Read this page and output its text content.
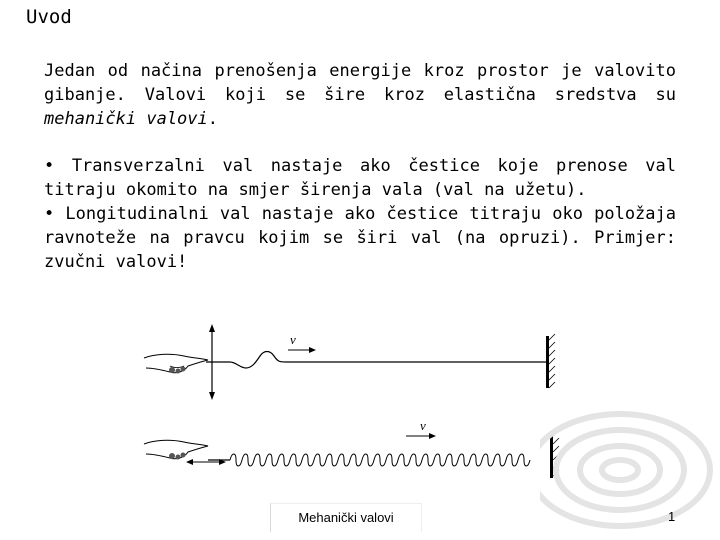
Uvod
Jedan od načina prenošenja energije kroz prostor je valovito gibanje. Valovi koji se šire kroz elastična sredstva su mehanički valovi.
• Transverzalni val nastaje ako čestice koje prenose val titraju okomito na smjer širenja vala (val na užetu).
• Longitudinalni val nastaje ako čestice titraju oko položaja ravnoteže na pravcu kojim se širi val (na opruzi). Primjer: zvučni valovi!
v
v
Mehanički valovi	1
